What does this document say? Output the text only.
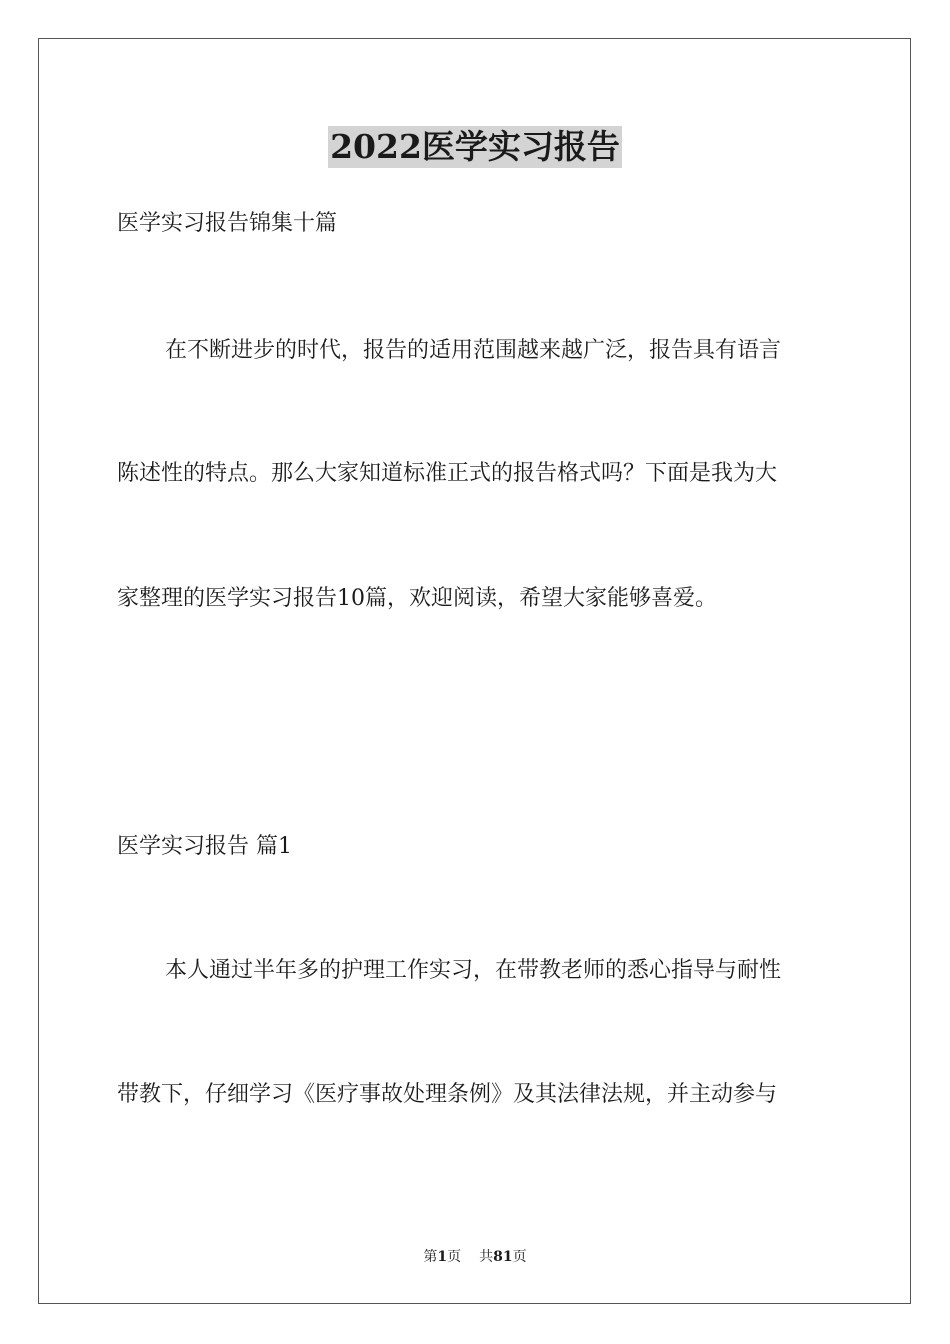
2022医学实习报告

医学实习报告锦集十篇

在不断进步的时代，报告的适用范围越来越广泛，报告具有语言

陈述性的特点。那么大家知道标准正式的报告格式吗？下面是我为大

家整理的医学实习报告10篇，欢迎阅读，希望大家能够喜爱。

医学实习报告 篇1

本人通过半年多的护理工作实习，在带教老师的悉心指导与耐性

带教下，仔细学习《医疗事故处理条例》及其法律法规，并主动参与

第1页 共81页
